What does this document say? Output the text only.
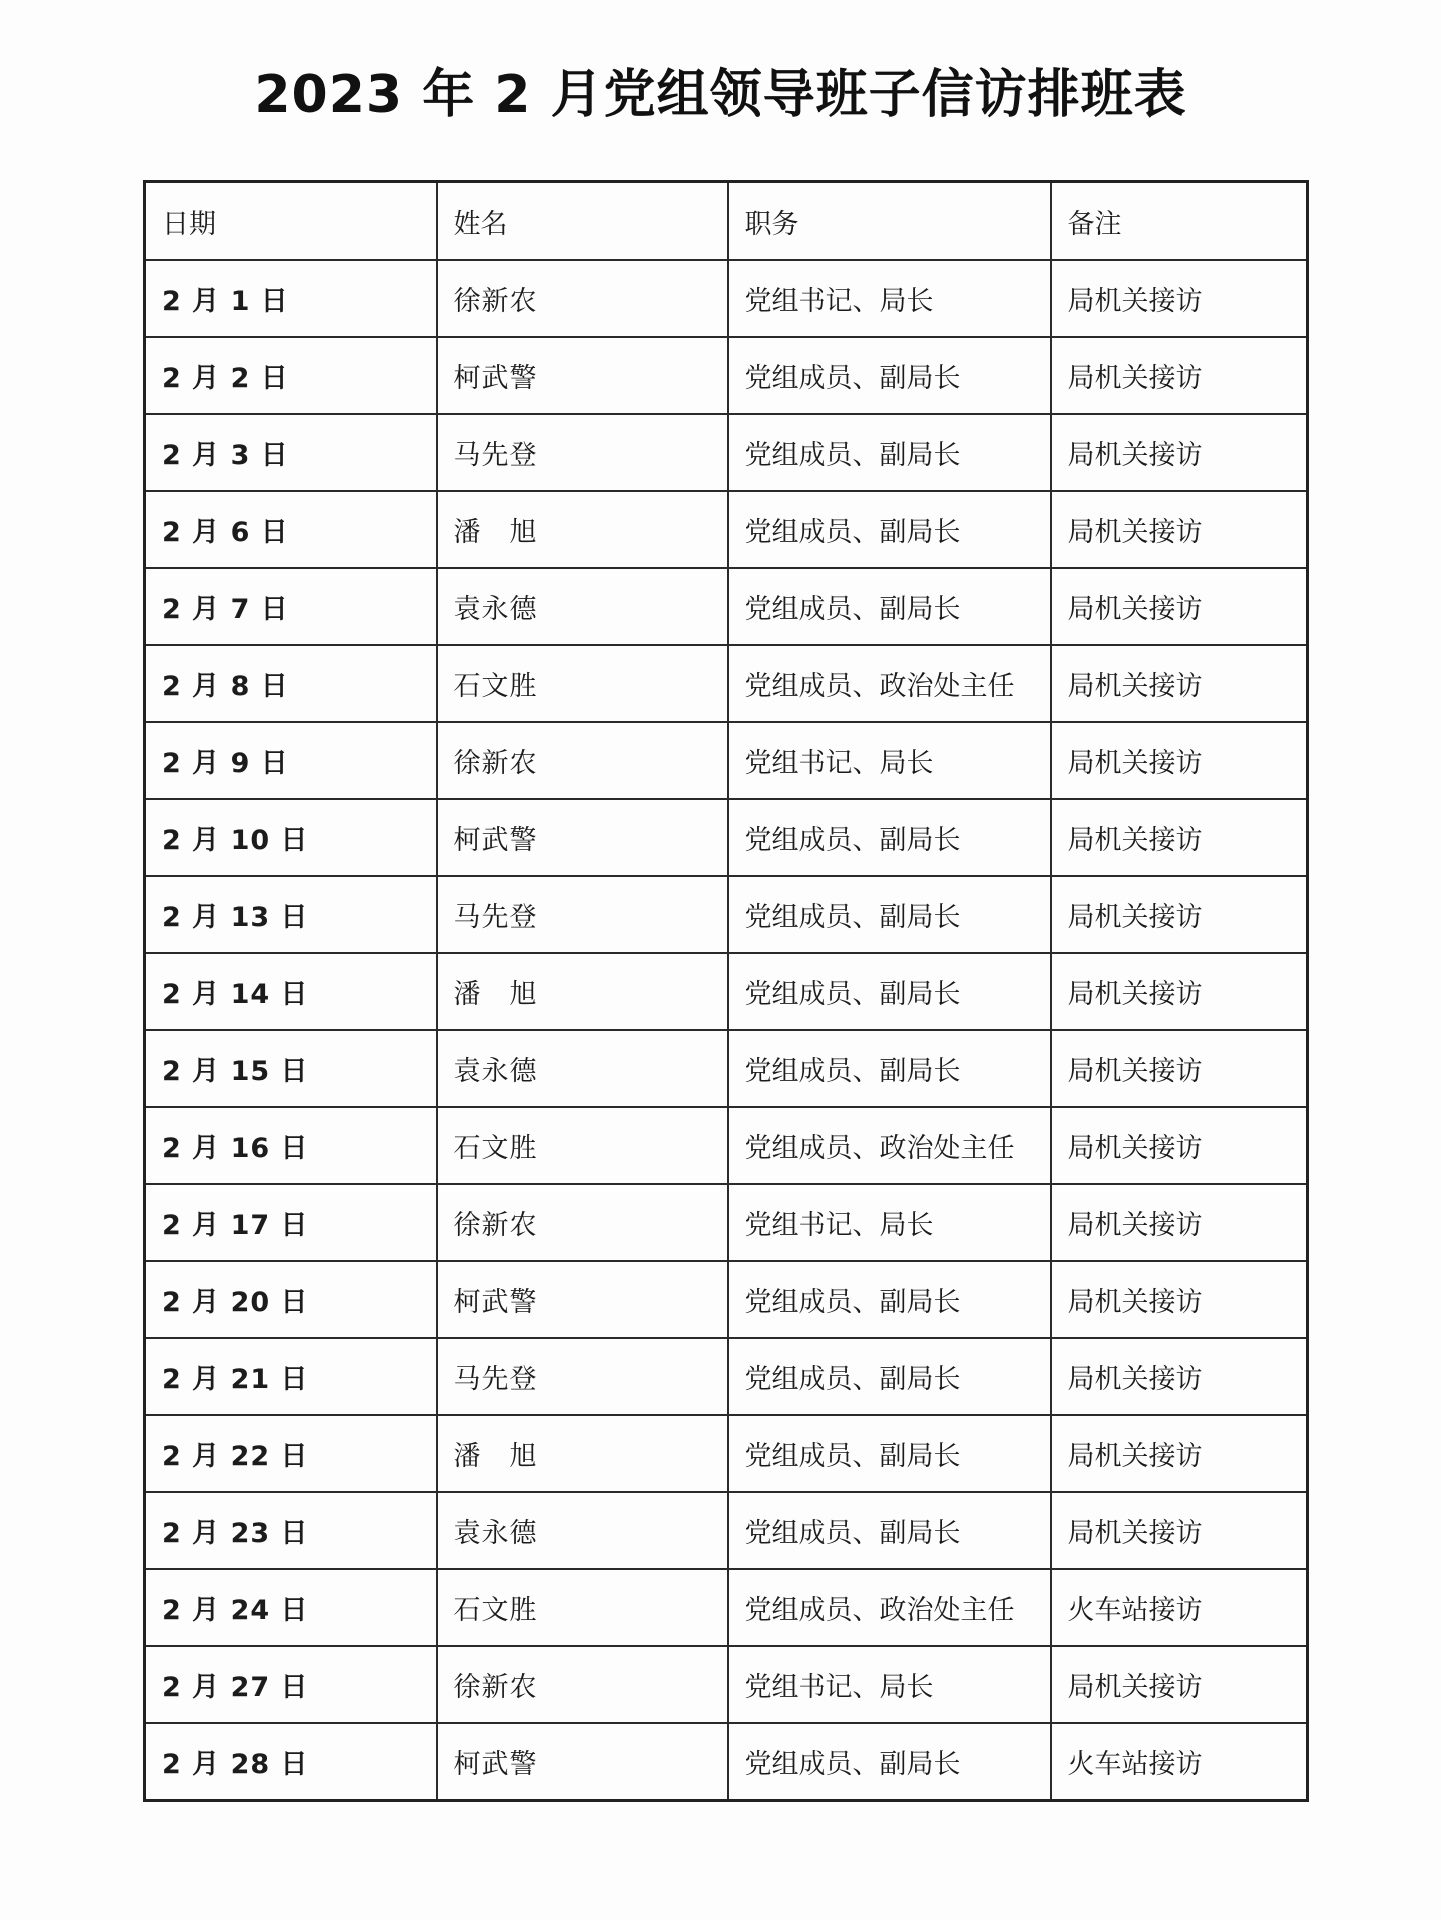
2023 年 2 月党组领导班子信访排班表
日期	姓名	职务	备注
2 月 1 日	徐新农	党组书记、局长	局机关接访
2 月 2 日	柯武警	党组成员、副局长	局机关接访
2 月 3 日	马先登	党组成员、副局长	局机关接访
2 月 6 日	潘　旭	党组成员、副局长	局机关接访
2 月 7 日	袁永德	党组成员、副局长	局机关接访
2 月 8 日	石文胜	党组成员、政治处主任	局机关接访
2 月 9 日	徐新农	党组书记、局长	局机关接访
2 月 10 日	柯武警	党组成员、副局长	局机关接访
2 月 13 日	马先登	党组成员、副局长	局机关接访
2 月 14 日	潘　旭	党组成员、副局长	局机关接访
2 月 15 日	袁永德	党组成员、副局长	局机关接访
2 月 16 日	石文胜	党组成员、政治处主任	局机关接访
2 月 17 日	徐新农	党组书记、局长	局机关接访
2 月 20 日	柯武警	党组成员、副局长	局机关接访
2 月 21 日	马先登	党组成员、副局长	局机关接访
2 月 22 日	潘　旭	党组成员、副局长	局机关接访
2 月 23 日	袁永德	党组成员、副局长	局机关接访
2 月 24 日	石文胜	党组成员、政治处主任	火车站接访
2 月 27 日	徐新农	党组书记、局长	局机关接访
2 月 28 日	柯武警	党组成员、副局长	火车站接访
